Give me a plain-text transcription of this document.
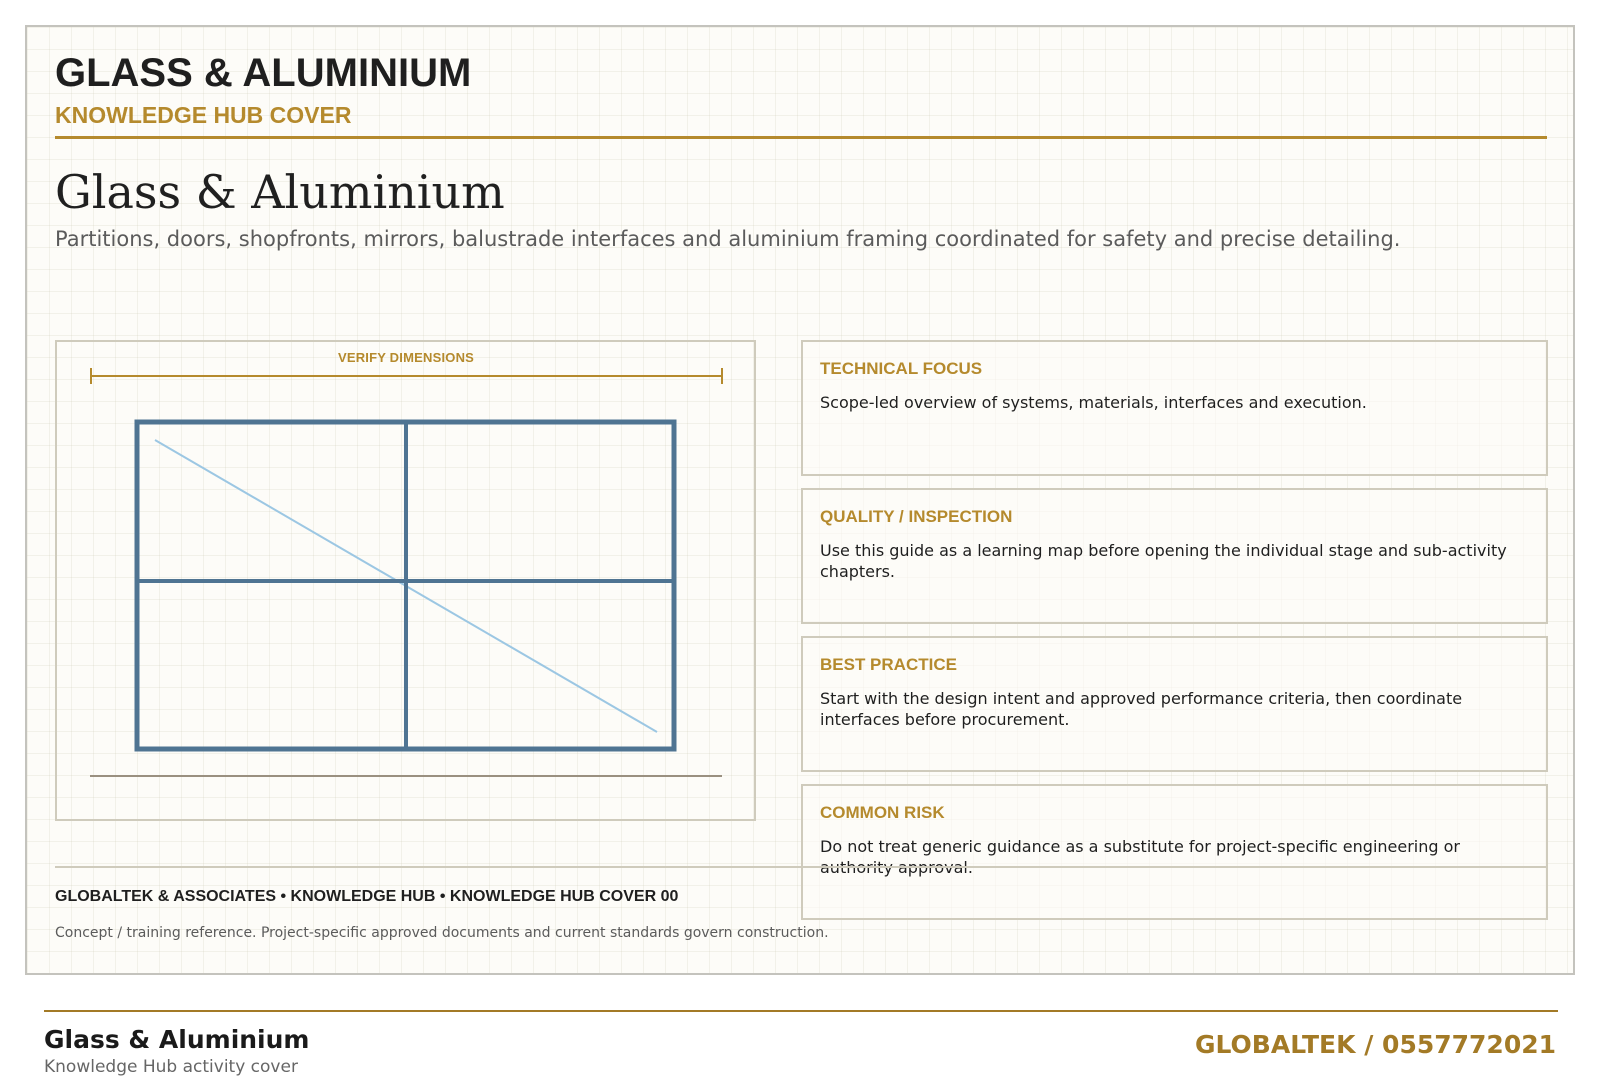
GLASS & ALUMINIUM
KNOWLEDGE HUB COVER
Glass & Aluminium
Partitions, doors, shopfronts, mirrors, balustrade interfaces and aluminium framing coordinated for safety and precise detailing.
VERIFY DIMENSIONS
TECHNICAL FOCUS
Scope-led overview of systems, materials, interfaces and execution.
QUALITY / INSPECTION
Use this guide as a learning map before opening the individual stage and sub-activity chapters.
BEST PRACTICE
Start with the design intent and approved performance criteria, then coordinate interfaces before procurement.
COMMON RISK
Do not treat generic guidance as a substitute for project-specific engineering or
GLOBALTEK & ASSOCIATES • KNOWLEDGE HUB • KNOWLEDGE HUB COVER 00
Concept / training reference. Project-specific approved documents and current standards govern construction.
Glass & Aluminium
Knowledge Hub activity cover
GLOBALTEK / 0557772021
